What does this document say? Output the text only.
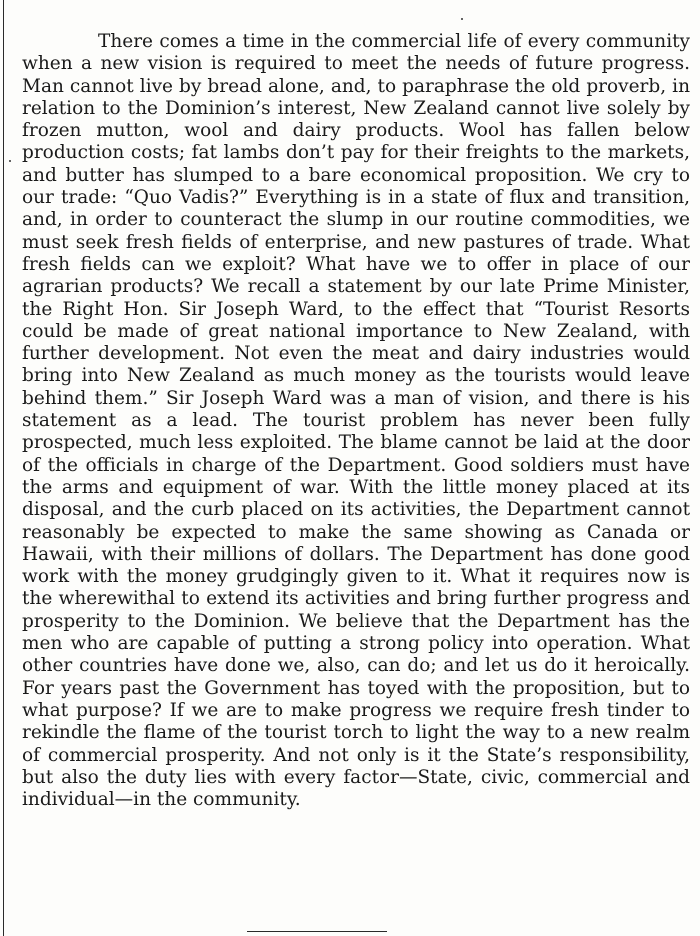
There comes a time in the commercial life of every community when a new vision is required to meet the needs of future progress. Man cannot live by bread alone, and, to paraphrase the old proverb, in relation to the Dominion’s interest, New Zealand cannot live solely by frozen mutton, wool and dairy products. Wool has fallen below production costs; fat lambs don’t pay for their freights to the markets, and butter has slumped to a bare economical proposition. We cry to our trade: “Quo Vadis?” Everything is in a state of flux and transition, and, in order to counteract the slump in our routine commodities, we must seek fresh fields of enterprise, and new pastures of trade. What fresh fields can we exploit? What have we to offer in place of our agrarian products? We recall a statement by our late Prime Minister, the Right Hon. Sir Joseph Ward, to the effect that “Tourist Resorts could be made of great national importance to New Zealand, with further development. Not even the meat and dairy industries would bring into New Zealand as much money as the tourists would leave behind them.” Sir Joseph Ward was a man of vision, and there is his statement as a lead. The tourist problem has never been fully prospected, much less exploited. The blame cannot be laid at the door of the officials in charge of the Department. Good soldiers must have the arms and equipment of war. With the little money placed at its disposal, and the curb placed on its activities, the Department cannot reasonably be expected to make the same showing as Canada or Hawaii, with their millions of dollars. The Department has done good work with the money grudgingly given to it. What it requires now is the wherewithal to extend its activities and bring further progress and prosperity to the Dominion. We believe that the Department has the men who are capable of putting a strong policy into operation. What other countries have done we, also, can do; and let us do it heroically. For years past the Government has toyed with the proposition, but to what purpose? If we are to make progress we require fresh tinder to rekindle the flame of the tourist torch to light the way to a new realm of commercial prosperity. And not only is it the State’s responsibility, but also the duty lies with every factor—State, civic, commercial and individual—in the community.
